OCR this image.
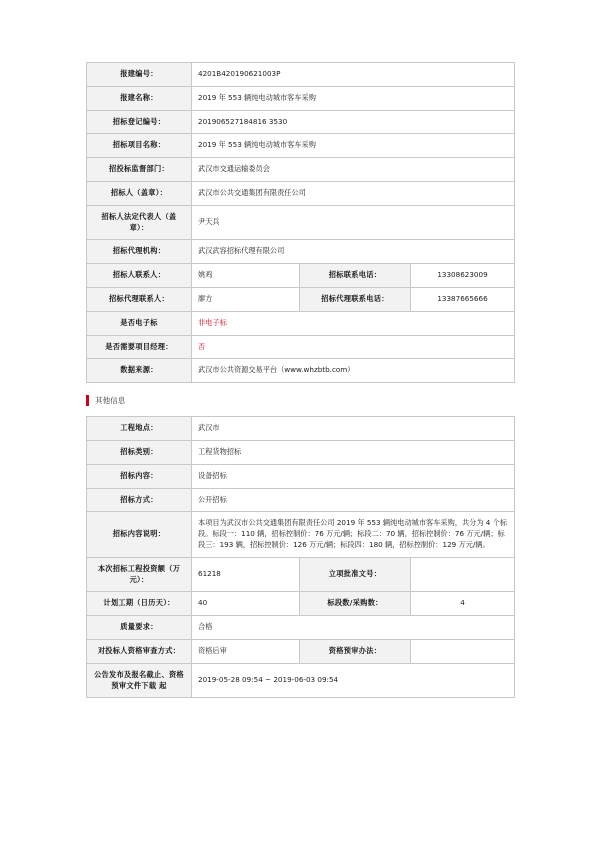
报建编号：	4201B420190621003P		
报建名称：	2019 年 553 辆纯电动城市客车采购		
招标登记编号：	201906527184816 3530		
招标项目名称：	2019 年 553 辆纯电动城市客车采购		
招投标监督部门：	武汉市交通运输委员会		
招标人（盖章）：	武汉市公共交通集团有限责任公司		
招标人法定代表人（盖章）：	尹天兵		
招标代理机构：	武汉武容招标代理有限公司		
招标人联系人：	姚鸡	招标联系电话：	13308623009
招标代理联系人：	廖方	招标代理联系电话：	13387665666
是否电子标	非电子标		
是否需要项目经理：	否		
数据来源：	武汉市公共资源交易平台（www.whzbtb.com）		
其他信息
工程地点：	武汉市		
招标类别：	工程货物招标		
招标内容：	设备招标		
招标方式：	公开招标		
招标内容说明：	本项目为武汉市公共交通集团有限责任公司 2019 年 553 辆纯电动城市客车采购，共分为 4 个标段。标段一：110 辆，招标控制价：76 万元/辆；标段二：70 辆，招标控制价：76 万元/辆；标段三：193 辆，招标控制价：126 万元/辆；标段四：180 辆，招标控制价：129 万元/辆。		
本次招标工程投资额（万元）：	61218	立项批准文号：	
计划工期（日历天）：	40	标段数/采购数：	4
质量要求：	合格		
对投标人资格审查方式：	资格后审	资格预审办法：	
公告发布及报名截止、资格预审文件下载 起	2019-05-28 09:54 ~ 2019-06-03 09:54		
